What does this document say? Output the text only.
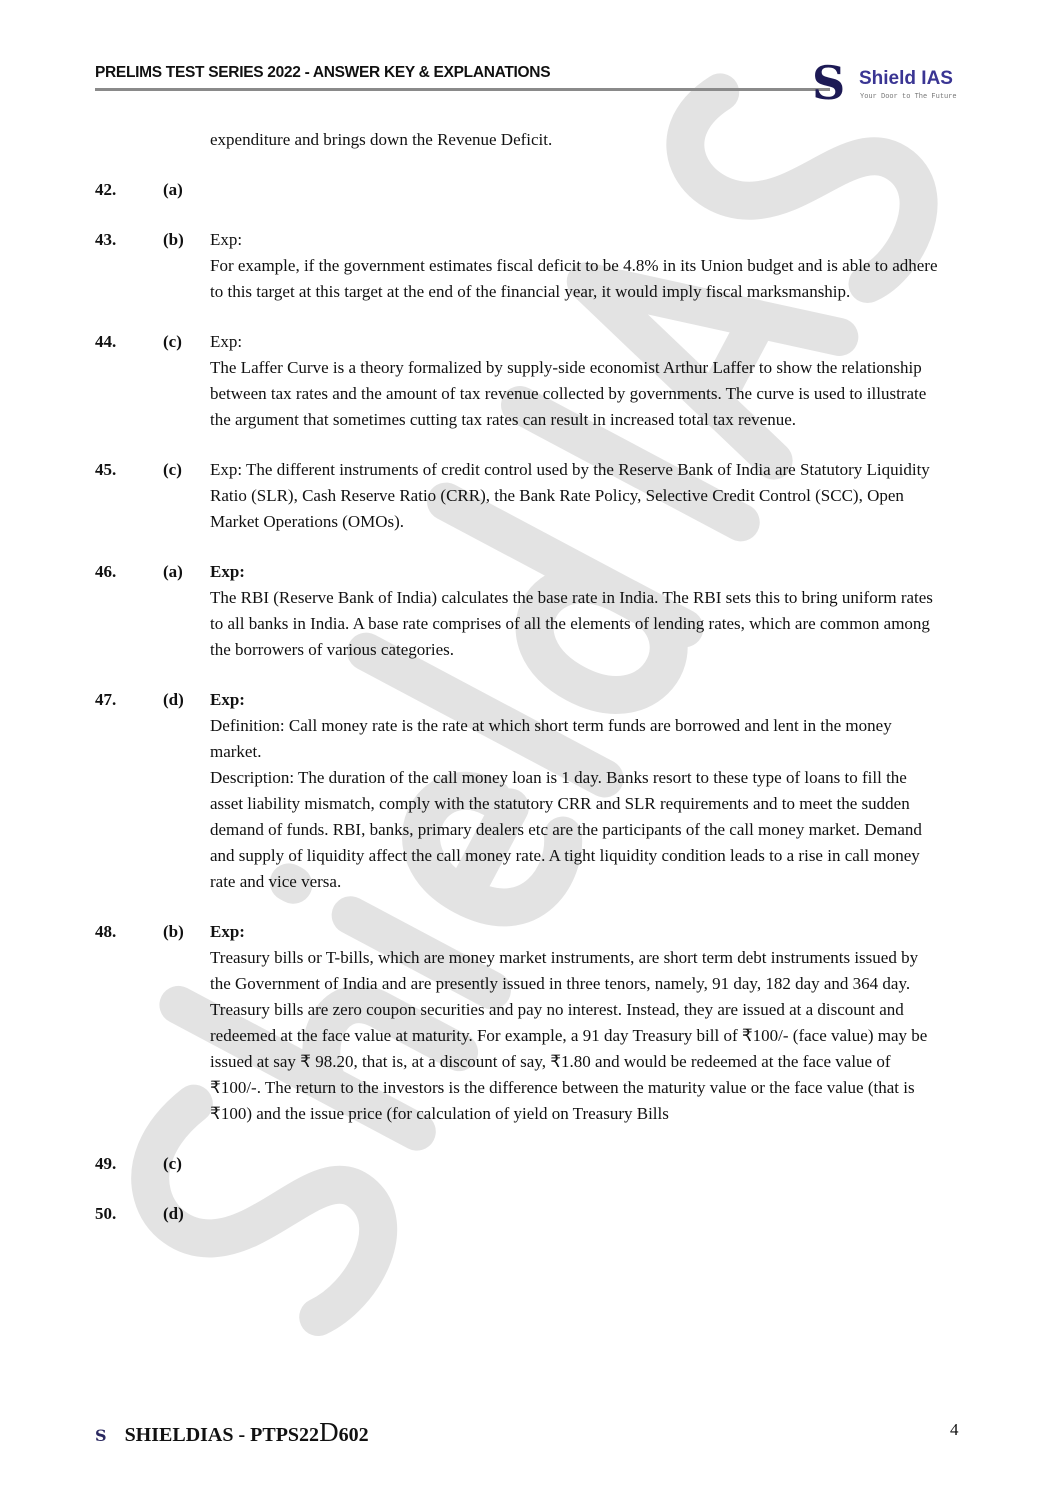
PRELIMS TEST SERIES 2022 - ANSWER KEY & EXPLANATIONS	S Shield IAS
Your Door to The Future

expenditure and brings down the Revenue Deficit.

42.	(a)
43.	(b) Exp:

For example, if the government estimates fiscal deficit to be 4.8% in its Union budget and is able to adhere to this target at this target at the end of the financial year, it would imply fiscal marksmanship.

44.	(c) Exp:

The Laffer Curve is a theory formalized by supply-side economist Arthur Laffer to show the relationship between tax rates and the amount of tax revenue collected by governments. The curve is used to illustrate the argument that sometimes cutting tax rates can result in increased total tax revenue.

45.	(c) Exp: The different instruments of credit control used by the Reserve Bank of India are Statutory Liquidity Ratio (SLR), Cash Reserve Ratio (CRR), the Bank Rate Policy, Selective Credit Control (SCC), Open Market Operations (OMOs).

46.	(a) Exp:

The RBI (Reserve Bank of India) calculates the base rate in India. The RBI sets this to bring uniform rates to all banks in India. A base rate comprises of all the elements of lending rates, which are common among the borrowers of various categories.

47.	(d) Exp:

Definition: Call money rate is the rate at which short term funds are borrowed and lent in the money market.

Description: The duration of the call money loan is 1 day. Banks resort to these type of loans to fill the asset liability mismatch, comply with the statutory CRR and SLR requirements and to meet the sudden demand of funds. RBI, banks, primary dealers etc are the participants of the call money market. Demand and supply of liquidity affect the call money rate. A tight liquidity condition leads to a rise in call money rate and vice versa.

48.	(b) Exp:

Treasury bills or T-bills, which are money market instruments, are short term debt instruments issued by the Government of India and are presently issued in three tenors, namely, 91 day, 182 day and 364 day. Treasury bills are zero coupon securities and pay no interest. Instead, they are issued at a discount and redeemed at the face value at maturity. For example, a 91 day Treasury bill of ₹100/- (face value) may be issued at say ₹ 98.20, that is, at a discount of say, ₹1.80 and would be redeemed at the face value of ₹100/-. The return to the investors is the difference between the maturity value or the face value (that is ₹100) and the issue price (for calculation of yield on Treasury Bills

49.	(c)
50.	(d)
S SHIELDIAS - PTPS22D602	4
